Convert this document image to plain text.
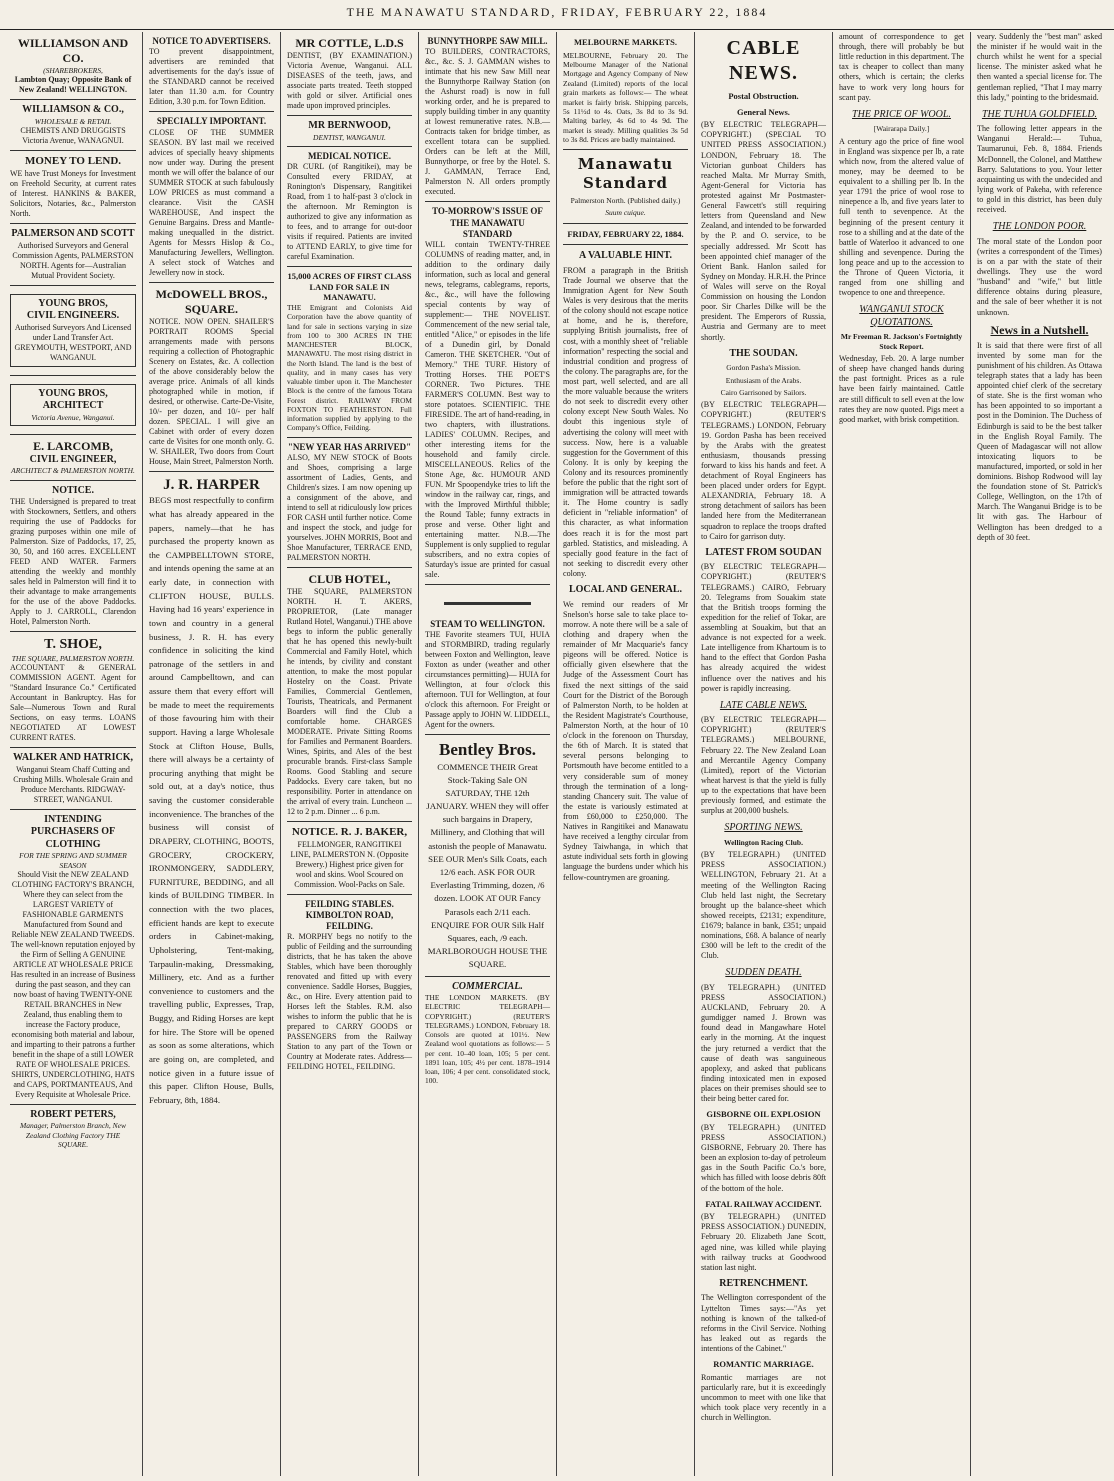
THE MANAWATU STANDARD, FRIDAY, FEBRUARY 22, 1884
WILLIAMSON AND CO.
(SHAREBROKERS,
Lambton Quay; Opposite Bank of New Zealand! WELLINGTON.
WILLIAMSON & CO.,
WHOLESALE & RETAIL
CHEMISTS AND DRUGGISTS Victoria Avenue, WANAGNUI.
MONEY TO LEND.
WE have Trust Moneys for Investment on Freehold Security, at current rates of Interest. HANKINS & BAKER, Solicitors, Notaries, &c., Palmerston North.
PALMERSON AND SCOTT
Authorised Surveyors and General Commission Agents, PALMERSTON NORTH. Agents for—Australian Mutual Provident Society.
YOUNG BROS,
CIVIL ENGINEERS.
Authorised Surveyors And Licensed under Land Transfer Act. GREYMOUTH, WESTPORT, AND WANGANUI.
YOUNG BROS,
ARCHITECT
Victoria Avenue, Wanganui.
E. LARCOMB,
CIVIL ENGINEER,
ARCHITECT & PALMERSTON NORTH.
NOTICE.
THE Undersigned is prepared to treat with Stockowners, Settlers, and others requiring the use of Paddocks for grazing purposes within one mile of Palmerston. Size of Paddocks, 17, 25, 30, 50, and 160 acres. EXCELLENT FEED AND WATER. Farmers attending the weekly and monthly sales held in Palmerston will find it to their advantage to make arrangements for the use of the above Paddocks. Apply to J. CARROLL, Clarendon Hotel, Palmerston North.
T. SHOE,
THE SQUARE, PALMERSTON NORTH.
ACCOUNTANT & GENERAL COMMISSION AGENT. Agent for "Standard Insurance Co." Certificated Accountant in Bankruptcy. Has for Sale—Numerous Town and Rural Sections, on easy terms. LOANS NEGOTIATED AT LOWEST CURRENT RATES.
WALKER AND HATRICK,
Wanganui Steam Chaff Cutting and Crushing Mills. Wholesale Grain and Produce Merchants. RIDGWAY-STREET, WANGANUI.
INTENDING PURCHASERS OF CLOTHING
FOR THE SPRING AND SUMMER SEASON
Should Visit the NEW ZEALAND CLOTHING FACTORY'S BRANCH, Where they can select from the LARGEST VARIETY of FASHIONABLE GARMENTS Manufactured from Sound and Reliable NEW ZEALAND TWEEDS. The well-known reputation enjoyed by the Firm of Selling A GENUINE ARTICLE AT WHOLESALE PRICE Has resulted in an increase of Business during the past season, and they can now boast of having TWENTY-ONE RETAIL BRANCHES in New Zealand, thus enabling them to increase the Factory produce, economising both material and labour, and imparting to their patrons a further benefit in the shape of a still LOWER RATE OF WHOLESALE PRICES. SHIRTS, UNDERCLOTHING, HATS and CAPS, PORTMANTEAUS, And Every Requisite at Wholesale Price.
ROBERT PETERS,
Manager, Palmerston Branch, New Zealand Clothing Factory THE SQUARE.
NOTICE TO ADVERTISERS.
TO prevent disappointment, advertisers are reminded that advertisements for the day's issue of the STANDARD cannot be received later than 11.30 a.m. for Country Edition, 3.30 p.m. for Town Edition.
SPECIALLY IMPORTANT.
CLOSE OF THE SUMMER SEASON. BY last mail we received advices of specially heavy shipments now under way. During the present month we will offer the balance of our SUMMER STOCK at such fabulously LOW PRICES as must command a clearance. Visit the CASH WAREHOUSE, And inspect the Genuine Bargains. Dress and Mantle-making unequalled in the district. Agents for Messrs Hislop & Co., Manufacturing Jewellers, Wellington. A select stock of Watches and Jewellery now in stock.
McDOWELL BROS., SQUARE.
NOTICE. NOW OPEN. SHAILER'S PORTRAIT ROOMS Special arrangements made with persons requiring a collection of Photographic Scenery on Estates, &c. A collection of the above considerably below the average price. Animals of all kinds photographed while in motion, if desired, or otherwise. Carte-De-Visite, 10/- per dozen, and 10/- per half dozen. SPECIAL. I will give an Cabinet with order of every dozen carte de Visites for one month only. G. W. SHAILER, Two doors from Court House, Main Street, Palmerston North.
J. R. HARPER
BEGS most respectfully to confirm what has already appeared in the papers, namely—that he has purchased the property known as the CAMPBELLTOWN STORE, and intends opening the same at an early date, in connection with CLIFTON HOUSE, BULLS. Having had 16 years' experience in town and country in a general business, J. R. H. has every confidence in soliciting the kind patronage of the settlers in and around Campbelltown, and can assure them that every effort will be made to meet the requirements of those favouring him with their support. Having a large Wholesale Stock at Clifton House, Bulls, there will always be a certainty of procuring anything that might be sold out, at a day's notice, thus saving the customer considerable inconvenience. The branches of the business will consist of DRAPERY, CLOTHING, BOOTS, GROCERY, CROCKERY, IRONMONGERY, SADDLERY, FURNITURE, BEDDING, and all kinds of BUILDING TIMBER. In connection with the two places, efficient hands are kept to execute orders in Cabinet-making, Upholstering, Tent-making, Tarpaulin-making, Dressmaking, Millinery, etc. And as a further convenience to customers and the travelling public, Expresses, Trap, Buggy, and Riding Horses are kept for hire. The Store will be opened as soon as some alterations, which are going on, are completed, and notice given in a future issue of this paper. Clifton House, Bulls, February, 8th, 1884.
MR COTTLE, L.D.S
DENTIST, (BY EXAMINATION.) Victoria Avenue, Wanganui. ALL DISEASES of the teeth, jaws, and associate parts treated. Teeth stopped with gold or silver. Artificial ones made upon improved principles.
MR BERNWOOD,
DENTIST, WANGANUI.
MEDICAL NOTICE.
DR CURL (of Rangitikei), may be Consulted every FRIDAY, at Ronington's Dispensary, Rangitikei Road, from 1 to half-past 3 o'clock in the afternoon. Mr Remington is authorized to give any information as to fees, and to arrange for out-door visits if required. Patients are invited to ATTEND EARLY, to give time for careful Examination.
15,000 ACRES OF FIRST CLASS LAND FOR SALE IN MANAWATU.
THE Emigrant and Colonists Aid Corporation have the above quantity of land for sale in sections varying in size from 100 to 300 ACRES IN THE MANCHESTER BLOCK, MANAWATU. The most rising district in the North Island. The land is the best of quality, and in many cases has very valuable timber upon it. The Manchester Block is the centre of the famous Totara Forest district. RAILWAY FROM FOXTON TO FEATHERSTON. Full information supplied by applying to the Company's Office, Feilding.
"NEW YEAR HAS ARRIVED"
ALSO, MY NEW STOCK of Boots and Shoes, comprising a large assortment of Ladies, Gents, and Children's sizes. I am now opening up a consignment of the above, and intend to sell at ridiculously low prices FOR CASH until further notice. Come and inspect the stock, and judge for yourselves. JOHN MORRIS, Boot and Shoe Manufacturer, TERRACE END, PALMERSTON NORTH.
CLUB HOTEL,
THE SQUARE, PALMERSTON NORTH. H. T. AKERS, PROPRIETOR, (Late manager Rutland Hotel, Wanganui.) THE above begs to inform the public generally that he has opened this newly-built Commercial and Family Hotel, which he intends, by civility and constant attention, to make the most popular Hostelry on the Coast. Private Families, Commercial Gentlemen, Tourists, Theatricals, and Permanent Boarders will find the Club a comfortable home. CHARGES MODERATE. Private Sitting Rooms for Families and Permanent Boarders. Wines, Spirits, and Ales of the best procurable brands. First-class Sample Rooms. Good Stabling and secure Paddocks. Every care taken, but no responsibility. Porter in attendance on the arrival of every train. Luncheon ... 12 to 2 p.m. Dinner ... 6 p.m.
NOTICE. R. J. BAKER,
FELLMONGER, RANGITIKEI LINE, PALMERSTON N. (Opposite Brewery.) Highest price given for wool and skins. Wool Scoured on Commission. Wool-Packs on Sale.
FEILDING STABLES. KIMBOLTON ROAD, FEILDING.
R. MORPHY begs no notify to the public of Feilding and the surrounding districts, that he has taken the above Stables, which have been thoroughly renovated and fitted up with every convenience. Saddle Horses, Buggies, &c., on Hire. Every attention paid to Horses left the Stables. R.M. also wishes to inform the public that he is prepared to CARRY GOODS or PASSENGERS from the Railway Station to any part of the Town or Country at Moderate rates. Address— FEILDING HOTEL, FEILDING.
BUNNYTHORPE SAW MILL.
TO BUILDERS, CONTRACTORS, &c., &c. S. J. GAMMAN wishes to intimate that his new Saw Mill near the Bunnythorpe Railway Station (on the Ashurst road) is now in full working order, and he is prepared to supply building timber in any quantity at lowest remunerative rates. N.B.—Contracts taken for bridge timber, as excellent totara can be supplied. Orders can be left at the Mill, Bunnythorpe, or free by the Hotel. S. J. GAMMAN, Terrace End, Palmerston N. All orders promptly executed.
TO-MORROW'S ISSUE OF THE MANAWATU STANDARD
WILL contain TWENTY-THREE COLUMNS of reading matter, and, in addition to the ordinary daily information, such as local and general news, telegrams, cablegrams, reports, &c., &c., will have the following special contents by way of supplement:— THE NOVELIST. Commencement of the new serial tale, entitled "Alice," or episodes in the life of a Dunedin girl, by Donald Cameron. THE SKETCHER. "Out of Memory." THE TURF. History of Trotting Horses. THE POET'S CORNER. Two Pictures. THE FARMER'S COLUMN. Best way to store potatoes. SCIENTIFIC. THE FIRESIDE. The art of hand-reading, in two chapters, with illustrations. LADIES' COLUMN. Recipes, and other interesting items for the household and family circle. MISCELLANEOUS. Relics of the Stone Age, &c. HUMOUR AND FUN. Mr Spoopendyke tries to lift the window in the railway car, rings, and with the Improved Mirthful thibble; the Round Table; funny extracts in prose and verse. Other light and entertaining matter. N.B.—The Supplement is only supplied to regular subscribers, and no extra copies of Saturday's issue are printed for casual sale.
STEAM TO WELLINGTON.
THE Favorite steamers TUI, HUIA and STORMBIRD, trading regularly between Foxton and Wellington, leave Foxton as under (weather and other circumstances permitting)— HUIA for Wellington, at four o'clock this afternoon. TUI for Wellington, at four o'clock this afternoon. For Freight or Passage apply to JOHN W. LIDDELL, Agent for the owners.
Bentley Bros.
COMMENCE THEIR Great Stock-Taking Sale ON SATURDAY, THE 12th JANUARY. WHEN they will offer such bargains in Drapery, Millinery, and Clothing that will astonish the people of Manawatu. SEE OUR Men's Silk Coats, each 12/6 each. ASK FOR OUR Everlasting Trimming, dozen, /6 dozen. LOOK AT OUR Fancy Parasols each 2/11 each. ENQUIRE FOR OUR Silk Half Squares, each, /9 each. MARLBOROUGH HOUSE THE SQUARE.
COMMERCIAL.
THE LONDON MARKETS. (BY ELECTRIC TELEGRAPH—COPYRIGHT.) (REUTER'S TELEGRAMS.) LONDON, February 18. Consols are quoted at 101½. New Zealand wool quotations as follows:— 5 per cent. 10–40 loan, 105; 5 per cent. 1891 loan, 105; 4½ per cent. 1878–1914 loan, 106; 4 per cent. consolidated stock, 100.
MELBOURNE MARKETS.

MELBOURNE, February 20. The Melbourne Manager of the National Mortgage and Agency Company of New Zealand (Limited) reports of the local grain markets as follows:— The wheat market is fairly brisk. Shipping parcels, 5s 11½d to 4s. Oats, 3s 8d to 3s 9d. Malting barley, 4s 6d to 4s 9d. The market is steady. Milling qualities 3s 5d to 3s 8d. Prices are badly maintained.

Manawatu Standard
Palmerston North. (Published daily.)
Suum cuique.
FRIDAY, FEBRUARY 22, 1884.
A VALUABLE HINT.

FROM a paragraph in the British Trade Journal we observe that the Immigration Agent for New South Wales is very desirous that the merits of the colony should not escape notice at home, and he is, therefore, supplying British journalists, free of cost, with a monthly sheet of "reliable information" respecting the social and industrial condition and progress of the colony. The paragraphs are, for the most part, well selected, and are all the more valuable because the writers do not seek to discredit every other colony except New South Wales. No doubt this ingenious style of advertising the colony will meet with success. Now, here is a valuable suggestion for the Government of this Colony. It is only by keeping the Colony and its resources prominently before the public that the right sort of immigration will be attracted towards it. The Home country is sadly deficient in "reliable information" of this character, as what information does reach it is for the most part garbled. Statistics, and misleading. A specially good feature in the fact of not seeking to discredit every other colony.

LOCAL AND GENERAL.

We remind our readers of Mr Snelson's horse sale to take place to-morrow. A note there will be a sale of clothing and drapery when the remainder of Mr Macquarie's fancy pigeons will be offered. Notice is officially given elsewhere that the Judge of the Assessment Court has fixed the next sittings of the said Court for the District of the Borough of Palmerston North, to be holden at the Resident Magistrate's Courthouse, Palmerston North, at the hour of 10 o'clock in the forenoon on Thursday, the 6th of March. It is stated that several persons belonging to Portsmouth have become entitled to a very considerable sum of money through the termination of a long-standing Chancery suit. The value of the estate is variously estimated at from £60,000 to £250,000. The Natives in Rangitikei and Manawatu have received a lengthy circular from Sydney Taiwhanga, in which that astute individual sets forth in glowing language the burdens under which his fellow-countrymen are groaning.

CABLE NEWS.
Postal Obstruction.
General News.

(BY ELECTRIC TELEGRAPH—COPYRIGHT.) (SPECIAL TO UNITED PRESS ASSOCIATION.) LONDON, February 18. The Victorian gunboat Childers has reached Malta. Mr Murray Smith, Agent-General for Victoria has protested against Mr Postmaster-General Fawcett's still requiring letters from Queensland and New Zealand, and intended to be forwarded by the P. and O. service, to be specially addressed. Mr Scott has been appointed chief manager of the Orient Bank. Hanlon sailed for Sydney on Monday. H.R.H. the Prince of Wales will serve on the Royal Commission on housing the London poor. Sir Charles Dilke will be the president. The Emperors of Russia, Austria and Germany are to meet shortly.

THE SOUDAN.
Gordon Pasha's Mission.
Enthusiasm of the Arabs.
Cairo Garrisoned by Sailors.

(BY ELECTRIC TELEGRAPH—COPYRIGHT.) (REUTER'S TELEGRAMS.) LONDON, February 19. Gordon Pasha has been received by the Arabs with the greatest enthusiasm, thousands pressing forward to kiss his hands and feet. A detachment of Royal Engineers has been placed under orders for Egypt. ALEXANDRIA, February 18. A strong detachment of sailors has been landed here from the Mediterranean squadron to replace the troops drafted to Cairo for garrison duty.

LATEST FROM SOUDAN

(BY ELECTRIC TELEGRAPH—COPYRIGHT.) (REUTER'S TELEGRAMS.) CAIRO, February 20. Telegrams from Souakim state that the British troops forming the expedition for the relief of Tokar, are assembling at Souakim, but that an advance is not expected for a week. Late intelligence from Khartoum is to hand to the effect that Gordon Pasha has already acquired the widest influence over the natives and his power is rapidly increasing.

LATE CABLE NEWS.

(BY ELECTRIC TELEGRAPH—COPYRIGHT.) (REUTER'S TELEGRAMS.) MELBOURNE, February 22. The New Zealand Loan and Mercantile Agency Company (Limited), report of the Victorian wheat harvest is that the yield is fully up to the expectations that have been previously formed, and estimate the surplus at 200,000 bushels.

SPORTING NEWS.
Wellington Racing Club.

(BY TELEGRAPH.) (UNITED PRESS ASSOCIATION.) WELLINGTON, February 21. At a meeting of the Wellington Racing Club held last night, the Secretary brought up the balance-sheet which showed receipts, £2131; expenditure, £1679; balance in bank, £351; unpaid nominations, £68. A balance of nearly £300 will be left to the credit of the Club.

SUDDEN DEATH.

(BY TELEGRAPH.) (UNITED PRESS ASSOCIATION.) AUCKLAND, February 20. A gumdigger named J. Brown was found dead in Mangawhare Hotel early in the morning. At the inquest the jury returned a verdict that the cause of death was sanguineous apoplexy, and asked that publicans finding intoxicated men in exposed places on their premises should see to their being better cared for.

GISBORNE OIL EXPLOSION

(BY TELEGRAPH.) (UNITED PRESS ASSOCIATION.) GISBORNE, February 20. There has been an explosion to-day of petroleum gas in the South Pacific Co.'s bore, which has filled with loose debris 80ft of the bottom of the hole.

FATAL RAILWAY ACCIDENT.

(BY TELEGRAPH.) (UNITED PRESS ASSOCIATION.) DUNEDIN, February 20. Elizabeth Jane Scott, aged nine, was killed while playing with railway trucks at Goodwood station last night.

RETRENCHMENT.

The Wellington correspondent of the Lyttelton Times says:—"As yet nothing is known of the talked-of reforms in the Civil Service. Nothing has leaked out as regards the intentions of the Cabinet."

ROMANTIC MARRIAGE.

Romantic marriages are not particularly rare, but it is exceedingly uncommon to meet with one like that which took place very recently in a church in Wellington.

amount of correspondence to get through, there will probably be but little reduction in this department. The tax is cheaper to collect than many others, which is certain; the clerks have to work very long hours for scant pay.

THE PRICE OF WOOL.
[Wairarapa Daily.]

A century ago the price of fine wool in England was sixpence per lb, a rate which now, from the altered value of money, may be deemed to be equivalent to a shilling per lb. In the year 1791 the price of wool rose to ninepence a lb, and five years later to full tenth to sevenpence. At the beginning of the present century it rose to a shilling and at the date of the battle of Waterloo it advanced to one shilling and sevenpence. During the long peace and up to the accession to the Throne of Queen Victoria, it ranged from one shilling and twopence to one and threepence.

WANGANUI STOCK QUOTATIONS.
Mr Freeman R. Jackson's Fortnightly Stock Report.

Wednesday, Feb. 20. A large number of sheep have changed hands during the past fortnight. Prices as a rule have been fairly maintained. Cattle are still difficult to sell even at the low rates they are now quoted. Pigs meet a good market, with brisk competition.

veary. Suddenly the "best man" asked the minister if he would wait in the church whilst he went for a special license. The minister asked what he then wanted a special license for. The gentleman replied, "That I may marry this lady," pointing to the bridesmaid.

THE TUHUA GOLDFIELD.

The following letter appears in the Wanganui Herald:— Tuhua, Taumarunui, Feb. 8, 1884. Friends McDonnell, the Colonel, and Matthew Barry. Salutations to you. Your letter acquainting us with the undecided and lying work of Pakeha, with reference to gold in this district, has been duly received.

THE LONDON POOR.

The moral state of the London poor (writes a correspondent of the Times) is on a par with the state of their dwellings. They use the word "husband" and "wife," but little difference obtains during pleasure, and the sale of beer whether it is not unknown.

News in a Nutshell.

It is said that there were first of all invented by some man for the punishment of his children. As Ottawa telegraph states that a lady has been appointed chief clerk of the secretary of state. She is the first woman who has been appointed to so important a post in the Dominion. The Duchess of Edinburgh is said to be the best talker in the English Royal Family. The Queen of Madagascar will not allow intoxicating liquors to be manufactured, imported, or sold in her dominions. Bishop Rodwood will lay the foundation stone of St. Patrick's College, Wellington, on the 17th of March. The Wanganui Bridge is to be lit with gas. The Harbour of Wellington has been dredged to a depth of 30 feet.
